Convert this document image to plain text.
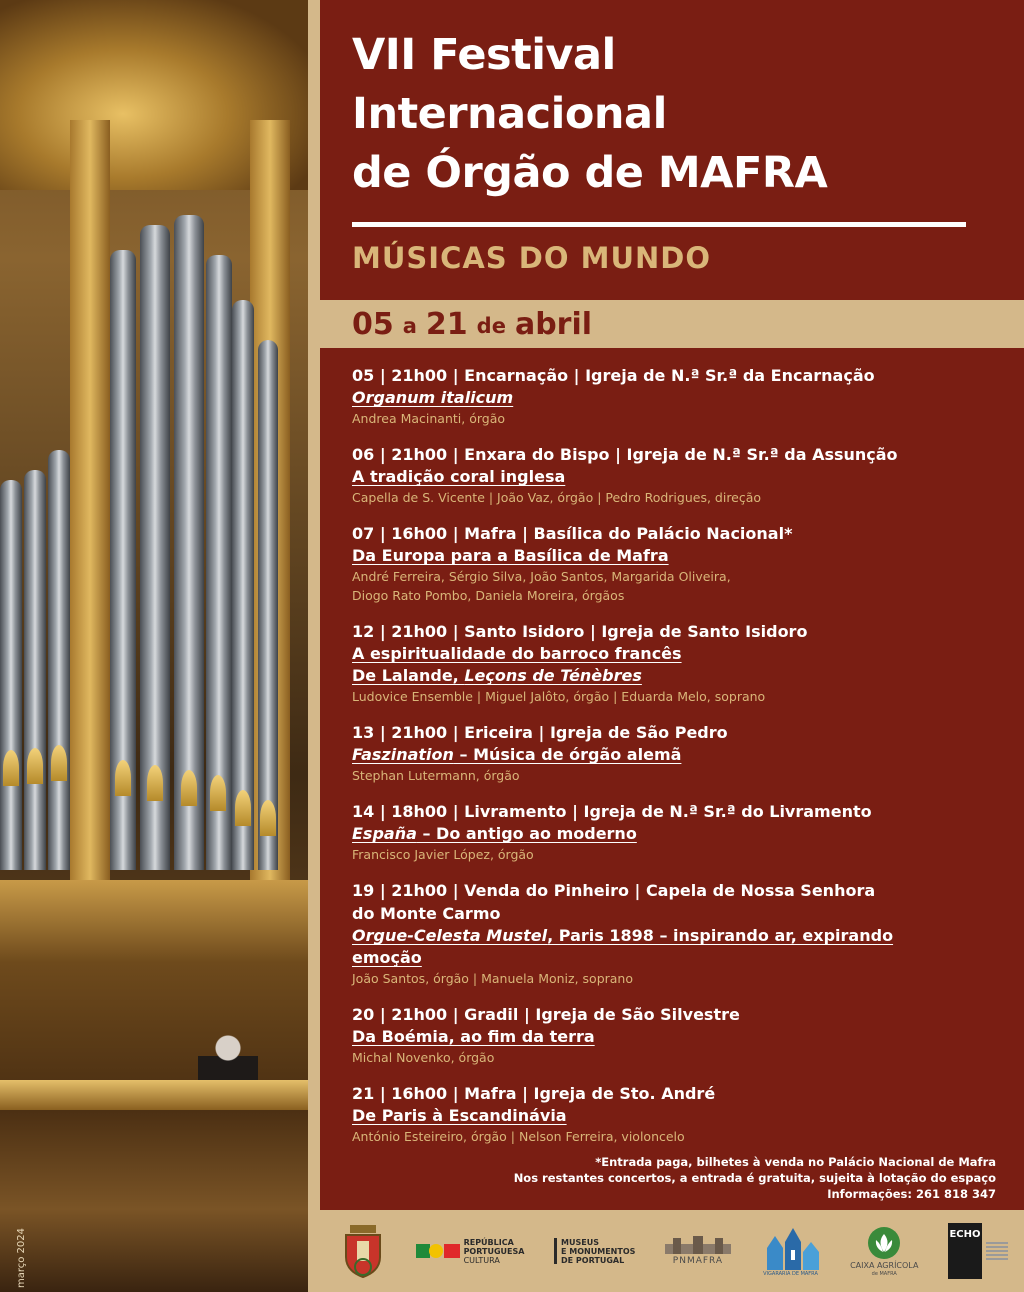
março 2024
VII Festival
Internacional
de Órgão de MAFRA
MÚSICAS DO MUNDO
05 a 21 de abril
05 | 21h00 | Encarnação | Igreja de N.ª Sr.ª da Encarnação
Organum italicum
Andrea Macinanti, órgão
06 | 21h00 | Enxara do Bispo | Igreja de N.ª Sr.ª da Assunção
A tradição coral inglesa
Capella de S. Vicente | João Vaz, órgão | Pedro Rodrigues, direção
07 | 16h00 | Mafra | Basílica do Palácio Nacional*
Da Europa para a Basílica de Mafra
André Ferreira, Sérgio Silva, João Santos, Margarida Oliveira,
Diogo Rato Pombo, Daniela Moreira, órgãos
12 | 21h00 | Santo Isidoro | Igreja de Santo Isidoro
A espiritualidade do barroco francês
De Lalande, Leçons de Ténèbres
Ludovice Ensemble | Miguel Jalôto, órgão | Eduarda Melo, soprano
13 | 21h00 | Ericeira | Igreja de São Pedro
Faszination – Música de órgão alemã
Stephan Lutermann, órgão
14 | 18h00 | Livramento | Igreja de N.ª Sr.ª do Livramento
España – Do antigo ao moderno
Francisco Javier López, órgão
19 | 21h00 | Venda do Pinheiro | Capela de Nossa Senhora
do Monte Carmo
Orgue-Celesta Mustel, Paris 1898 – inspirando ar, expirando
emoção
João Santos, órgão | Manuela Moniz, soprano
20 | 21h00 | Gradil | Igreja de São Silvestre
Da Boémia, ao fim da terra
Michal Novenko, órgão
21 | 16h00 | Mafra | Igreja de Sto. André
De Paris à Escandinávia
António Esteireiro, órgão | Nelson Ferreira, violoncelo
*Entrada paga, bilhetes à venda no Palácio Nacional de Mafra
Nos restantes concertos, a entrada é gratuita, sujeita à lotação do espaço
Informações: 261 818 347
REPÚBLICA
PORTUGUESA
CULTURA
MUSEUS
E MONUMENTOS
DE PORTUGAL	PNMAFRA
VIGARARIA DE MAFRA
CAIXA AGRÍCOLA
de MAFRA
ECHO
